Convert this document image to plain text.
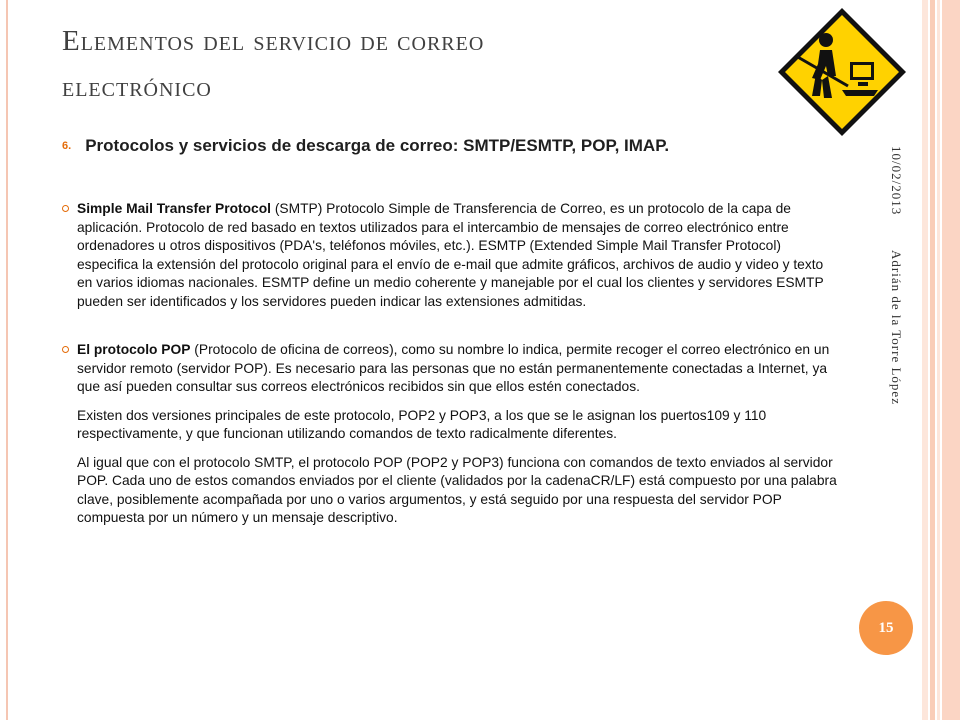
Elementos del servicio de correo
electrónico
6. Protocolos y servicios de descarga de correo: SMTP/ESMTP, POP, IMAP.

Simple Mail Transfer Protocol (SMTP) Protocolo Simple de Transferencia de Correo, es un protocolo de la capa de aplicación. Protocolo de red basado en textos utilizados para el intercambio de mensajes de correo electrónico entre ordenadores u otros dispositivos (PDA's, teléfonos móviles, etc.). ESMTP (Extended Simple Mail Transfer Protocol) especifica la extensión del protocolo original para el envío de e-mail que admite gráficos, archivos de audio y video y texto en varios idiomas nacionales. ESMTP define un medio coherente y manejable por el cual los clientes y servidores ESMTP pueden ser identificados y los servidores pueden indicar las extensiones admitidas.

El protocolo POP (Protocolo de oficina de correos), como su nombre lo indica, permite recoger el correo electrónico en un servidor remoto (servidor POP). Es necesario para las personas que no están permanentemente conectadas a Internet, ya que así pueden consultar sus correos electrónicos recibidos sin que ellos estén conectados.

Existen dos versiones principales de este protocolo, POP2 y POP3, a los que se le asignan los puertos109 y 110 respectivamente, y que funcionan utilizando comandos de texto radicalmente diferentes.

Al igual que con el protocolo SMTP, el protocolo POP (POP2 y POP3) funciona con comandos de texto enviados al servidor POP. Cada uno de estos comandos enviados por el cliente (validados por la cadenaCR/LF) está compuesto por una palabra clave, posiblemente acompañada por uno o varios argumentos, y está seguido por una respuesta del servidor POP compuesta por un número y un mensaje descriptivo.

10/02/2013
Adrián de la Torre López
15
